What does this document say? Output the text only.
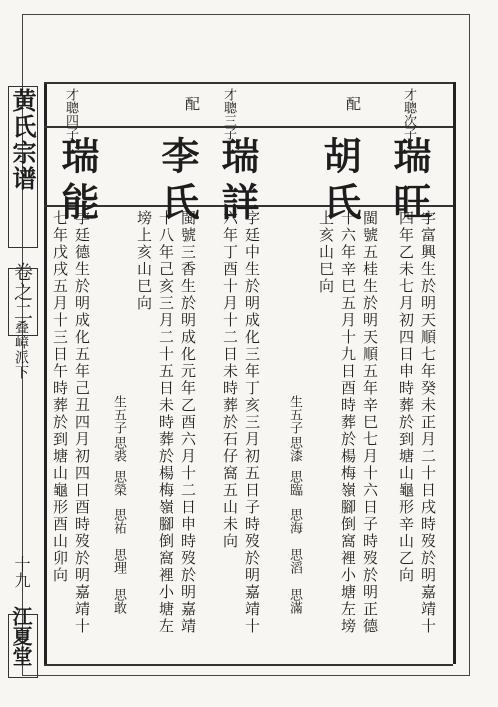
黄氏宗谱
卷之二
叠嶂派下
十九
江夏堂
才聰次子
配
瑞旺
胡氏
字富興生於明天順七年癸未正月二十日戌時歿於明嘉靖十
四年乙未七月初四日申時葬於到塘山龜形辛山乙向
閩號五桂生於明天順五年辛巳七月十六日子時歿於明正德
十六年辛巳五月十九日酉時葬於楊梅嶺腳倒窩裡小塘左塝
上亥山巳向
生五子
思漆
思臨
思海
思滔
思滿
才聰三子
配
瑞詳
李氏
字廷中生於明成化三年丁亥三月初五日子時歿於明嘉靖十
六年丁酉十月十二日未時葬於石仔窩五山未向
閩號三香生於明成化元年乙酉六月十二日申時歿於明嘉靖
十八年己亥三月二十五日未時葬於楊梅嶺腳倒窩裡小塘左
塝上亥山巳向
生五子
思裘
思榮
思祐
思理
思敢
才聰四子
瑞能
字廷德生於明成化五年己丑四月初四日酉時歿於明嘉靖十
七年戊戌五月十三日午時葬於到塘山龜形酉山卯向
